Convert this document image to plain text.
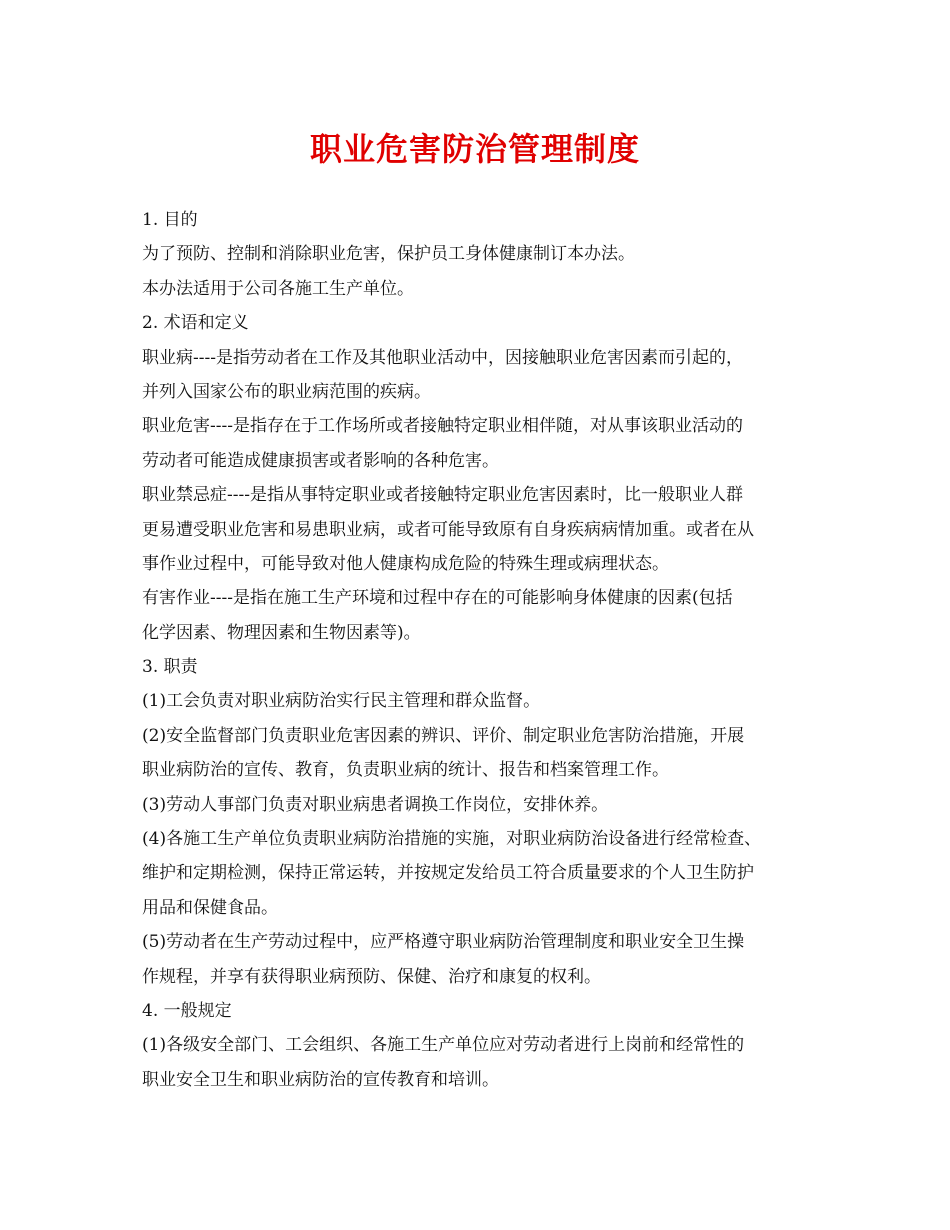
职业危害防治管理制度
1. 目的
为了预防、控制和消除职业危害，保护员工身体健康制订本办法。
本办法适用于公司各施工生产单位。
2. 术语和定义
职业病----是指劳动者在工作及其他职业活动中，因接触职业危害因素而引起的，
并列入国家公布的职业病范围的疾病。
职业危害----是指存在于工作场所或者接触特定职业相伴随，对从事该职业活动的
劳动者可能造成健康损害或者影响的各种危害。
职业禁忌症----是指从事特定职业或者接触特定职业危害因素时，比一般职业人群
更易遭受职业危害和易患职业病，或者可能导致原有自身疾病病情加重。或者在从
事作业过程中，可能导致对他人健康构成危险的特殊生理或病理状态。
有害作业----是指在施工生产环境和过程中存在的可能影响身体健康的因素(包括
化学因素、物理因素和生物因素等)。
3. 职责
(1)工会负责对职业病防治实行民主管理和群众监督。
(2)安全监督部门负责职业危害因素的辨识、评价、制定职业危害防治措施，开展
职业病防治的宣传、教育，负责职业病的统计、报告和档案管理工作。
(3)劳动人事部门负责对职业病患者调换工作岗位，安排休养。
(4)各施工生产单位负责职业病防治措施的实施，对职业病防治设备进行经常检查、
维护和定期检测，保持正常运转，并按规定发给员工符合质量要求的个人卫生防护
用品和保健食品。
(5)劳动者在生产劳动过程中，应严格遵守职业病防治管理制度和职业安全卫生操
作规程，并享有获得职业病预防、保健、治疗和康复的权利。
4. 一般规定
(1)各级安全部门、工会组织、各施工生产单位应对劳动者进行上岗前和经常性的
职业安全卫生和职业病防治的宣传教育和培训。
